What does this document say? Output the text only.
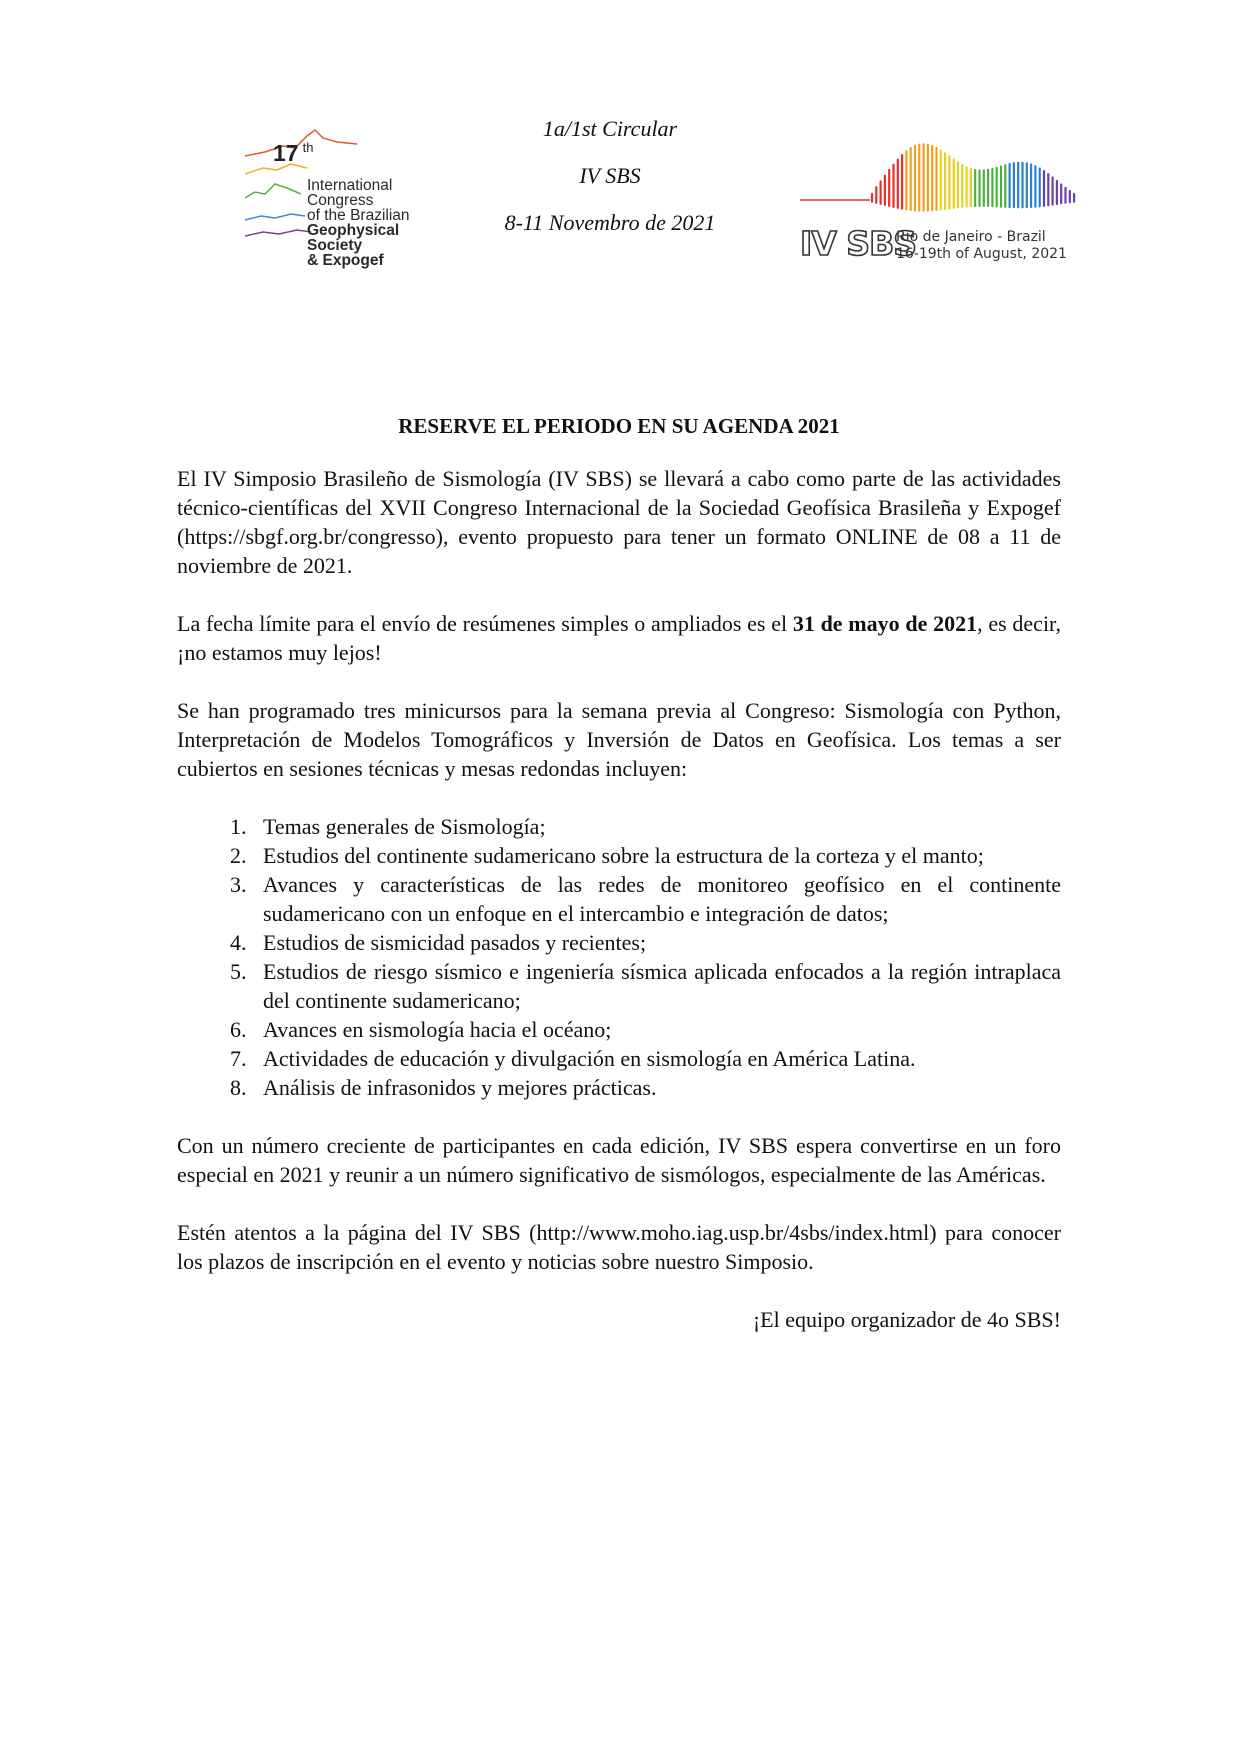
17 $^{th}$
International
Congress
of the Brazilian
Geophysical
Society
& Expogef
1a/1st Circular
IV SBS
8-11 Novembro de 2021
IV SBS
Rio de Janeiro - Brazil
16-19th of August, 2021
RESERVE EL PERIODO EN SU AGENDA 2021

El IV Simposio Brasileño de Sismología (IV SBS) se llevará a cabo como parte de las actividades técnico-científicas del XVII Congreso Internacional de la Sociedad Geofísica Brasileña y Expogef (https://sbgf.org.br/congresso), evento propuesto para tener un formato ONLINE de 08 a 11 de noviembre de 2021.

La fecha límite para el envío de resúmenes simples o ampliados es el 31 de mayo de 2021, es decir, ¡no estamos muy lejos!

Se han programado tres minicursos para la semana previa al Congreso: Sismología con Python, Interpretación de Modelos Tomográficos y Inversión de Datos en Geofísica. Los temas a ser cubiertos en sesiones técnicas y mesas redondas incluyen:

1. Temas generales de Sismología;
2. Estudios del continente sudamericano sobre la estructura de la corteza y el manto;
3. Avances y características de las redes de monitoreo geofísico en el continente sudamericano con un enfoque en el intercambio e integración de datos;
4. Estudios de sismicidad pasados y recientes;
5. Estudios de riesgo sísmico e ingeniería sísmica aplicada enfocados a la región intraplaca del continente sudamericano;
6. Avances en sismología hacia el océano;
7. Actividades de educación y divulgación en sismología en América Latina.
8. Análisis de infrasonidos y mejores prácticas.

Con un número creciente de participantes en cada edición, IV SBS espera convertirse en un foro especial en 2021 y reunir a un número significativo de sismólogos, especialmente de las Américas.

Estén atentos a la página del IV SBS (http://www.moho.iag.usp.br/4sbs/index.html) para conocer los plazos de inscripción en el evento y noticias sobre nuestro Simposio.

¡El equipo organizador de 4o SBS!
